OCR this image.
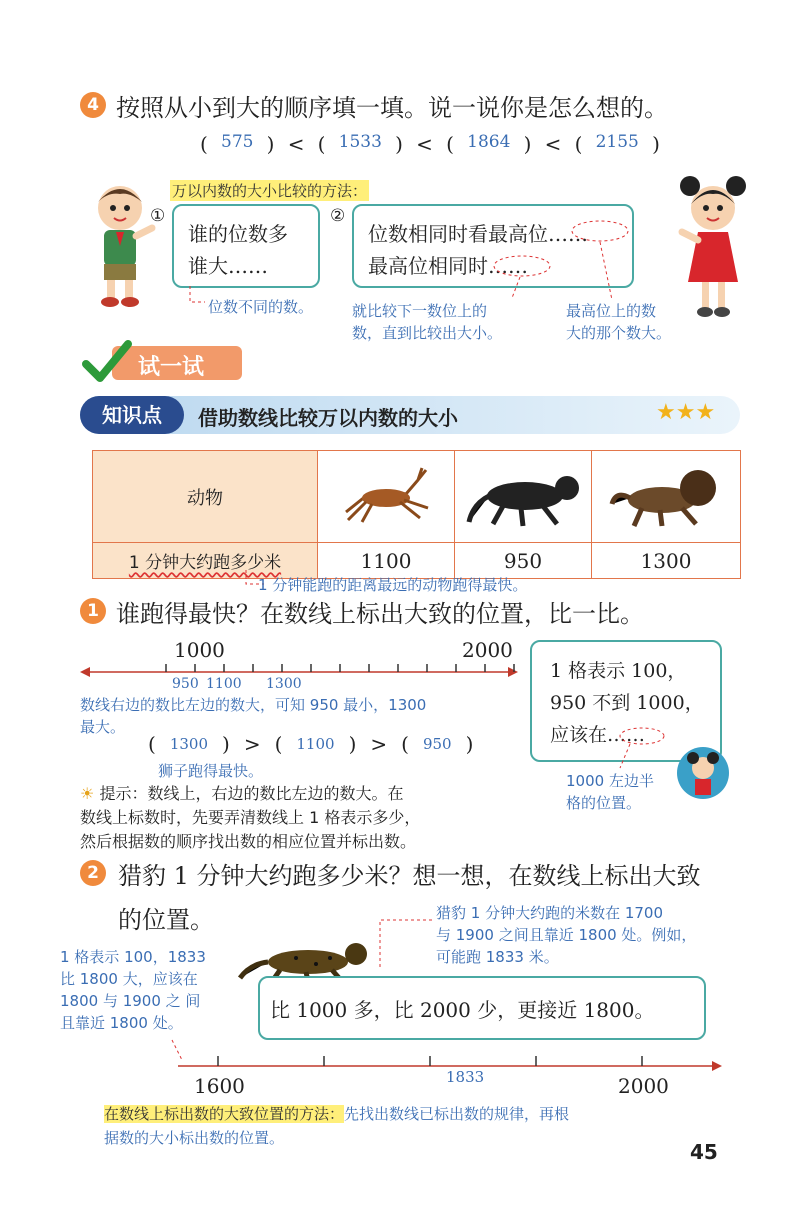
4 按照从小到大的顺序填一填。说一说你是怎么想的。
( 575 ) < ( 1533 ) < ( 1864 ) < ( 2155 )
万以内数的大小比较的方法：
①
谁的位数多
谁大……
②
位数相同时看最高位……
最高位相同时……
位数不同的数。	就比较下一数位上的
数，直到比较出大小。
最高位上的数
大的那个数大。
试一试
知识点	借助数线比较万以内数的大小	★★★
动物			
1 分钟大约跑多少米	1100	950	1300
1 分钟能跑的距离最远的动物跑得最快。
1 谁跑得最快？在数线上标出大致的位置，比一比。
1000	2000
950 1100 1300
数线右边的数比左边的数大，可知 950 最小，1300
最大。
( 1300 ) > ( 1100 ) > ( 950 )
狮子跑得最快。
1 格表示 100，
950 不到 1000，
应该在……
1000 左边半
格的位置。
☀ 提示：数线上，右边的数比左边的数大。在
数线上标数时，先要弄清数线上 1 格表示多少，
然后根据数的顺序找出数的相应位置并标出数。
2 猎豹 1 分钟大约跑多少米？想一想，在数线上标出大致
的位置。	猎豹 1 分钟大约跑的米数在 1700
与 1900 之间且靠近 1800 处。例如，
可能跑 1833 米。
1 格表示 100，1833
比 1800 大，应该在
1800 与 1900 之 间
且靠近 1800 处。
比 1000 多，比 2000 少，更接近 1800。
1600	2000
1833
在数线上标出数的大致位置的方法：先找出数线已标出数的规律，再根
据数的大小标出数的位置。
45
